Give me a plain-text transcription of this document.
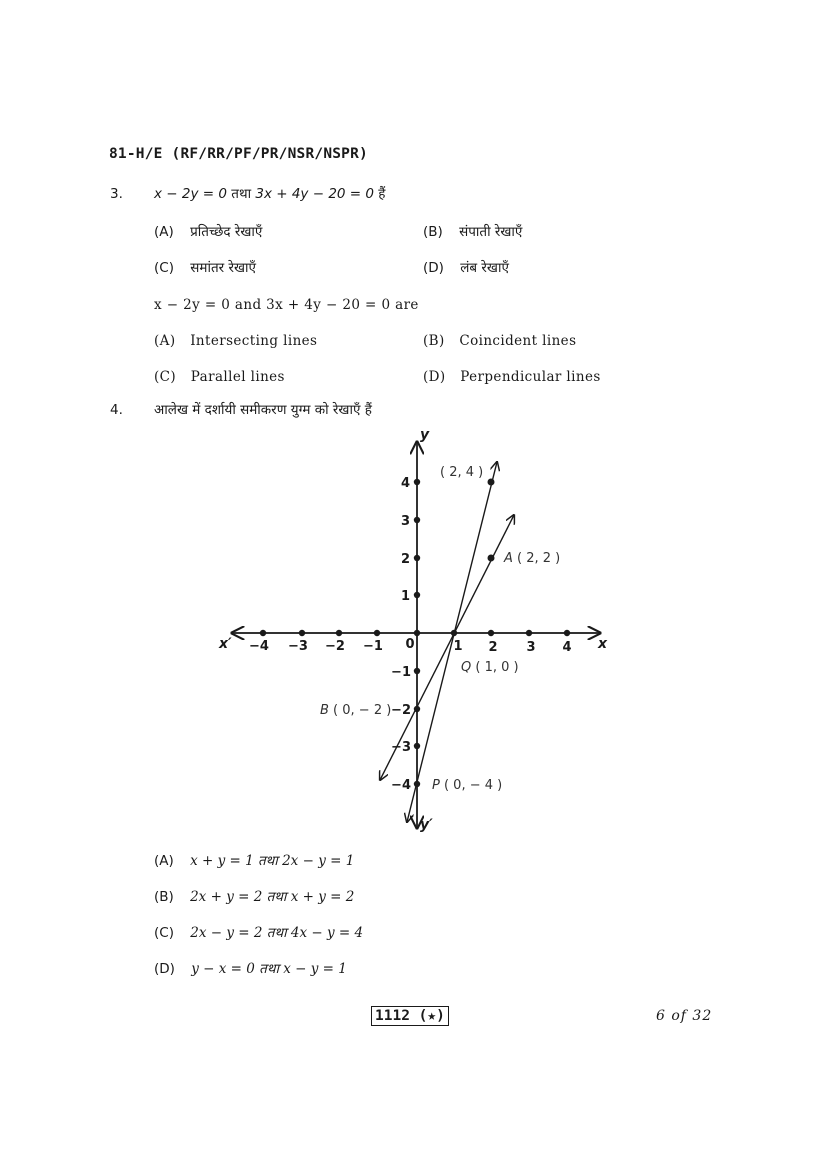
81-H/E (RF/RR/PF/PR/NSR/NSPR)
3. x − 2y = 0 तथा 3x + 4y − 20 = 0 हैं
(A) प्रतिच्छेद रेखाएँ	(B) संपाती रेखाएँ
(C) समांतर रेखाएँ	(D) लंब रेखाएँ
x − 2y = 0 and 3x + 4y − 20 = 0 are
(A) Intersecting lines	(B) Coincident lines
(C) Parallel lines	(D) Perpendicular lines
4. आलेख में दर्शायी समीकरण युग्म को रेखाएँ हैं
−4 −3 −2 −1 0	1 2 3 4
4
3
2
1
−1
−2
−3
−4
y
y′
x
x′
( 2, 4 )
A ( 2, 2 )
Q ( 1, 0 )
B ( 0, − 2 )
P ( 0, − 4 )
(A) x + y = 1 तथा 2x − y = 1
(B) 2x + y = 2 तथा x + y = 2
(C) 2x − y = 2 तथा 4x − y = 4
(D) y − x = 0 तथा x − y = 1
1112 (★)	6 of 32
